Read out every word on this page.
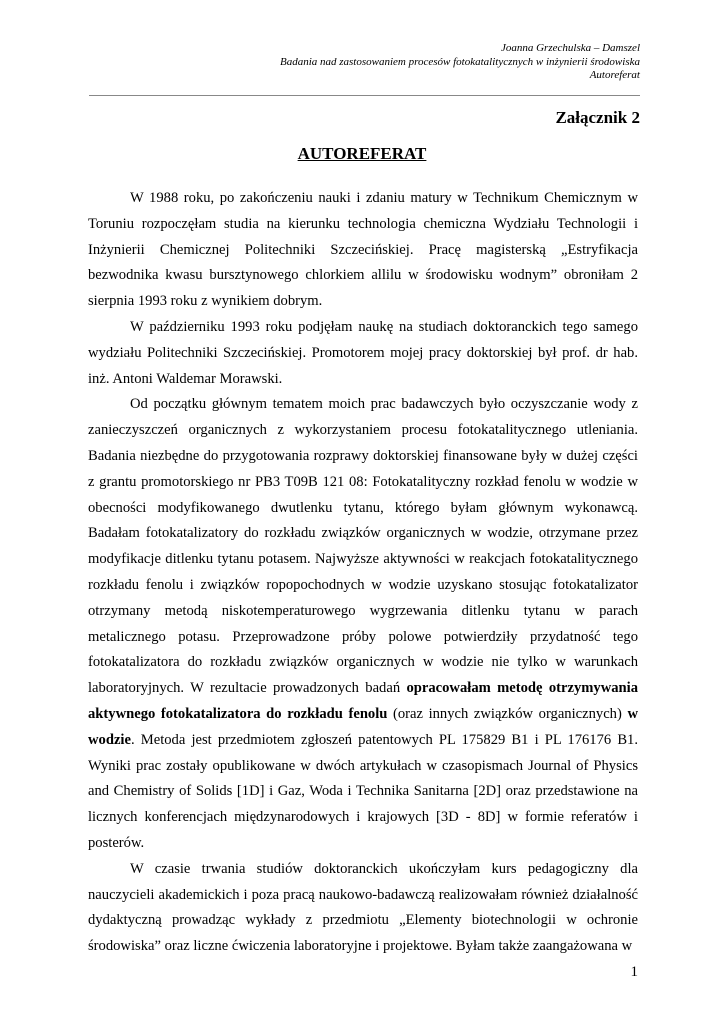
Joanna Grzechulska – Damszel
Badania nad zastosowaniem procesów fotokatalitycznych w inżynierii środowiska
Autoreferat
Załącznik 2
AUTOREFERAT

W 1988 roku, po zakończeniu nauki i zdaniu matury w Technikum Chemicznym w Toruniu rozpoczęłam studia na kierunku technologia chemiczna Wydziału Technologii i Inżynierii Chemicznej Politechniki Szczecińskiej. Pracę magisterską „Estryfikacja bezwodnika kwasu bursztynowego chlorkiem allilu w środowisku wodnym” obroniłam 2 sierpnia 1993 roku z wynikiem dobrym.

W październiku 1993 roku podjęłam naukę na studiach doktoranckich tego samego wydziału Politechniki Szczecińskiej. Promotorem mojej pracy doktorskiej był prof. dr hab. inż. Antoni Waldemar Morawski.

Od początku głównym tematem moich prac badawczych było oczyszczanie wody z zanieczyszczeń organicznych z wykorzystaniem procesu fotokatalitycznego utleniania. Badania niezbędne do przygotowania rozprawy doktorskiej finansowane były w dużej części z grantu promotorskiego nr PB3 T09B 121 08: Fotokatalityczny rozkład fenolu w wodzie w obecności modyfikowanego dwutlenku tytanu, którego byłam głównym wykonawcą. Badałam fotokatalizatory do rozkładu związków organicznych w wodzie, otrzymane przez modyfikacje ditlenku tytanu potasem. Najwyższe aktywności w reakcjach fotokatalitycznego rozkładu fenolu i związków ropopochodnych w wodzie uzyskano stosując fotokatalizator otrzymany metodą niskotemperaturowego wygrzewania ditlenku tytanu w parach metalicznego potasu. Przeprowadzone próby polowe potwierdziły przydatność tego fotokatalizatora do rozkładu związków organicznych w wodzie nie tylko w warunkach laboratoryjnych. W rezultacie prowadzonych badań opracowałam metodę otrzymywania aktywnego fotokatalizatora do rozkładu fenolu (oraz innych związków organicznych) w wodzie. Metoda jest przedmiotem zgłoszeń patentowych PL 175829 B1 i PL 176176 B1. Wyniki prac zostały opublikowane w dwóch artykułach w czasopismach Journal of Physics and Chemistry of Solids [1D] i Gaz, Woda i Technika Sanitarna [2D] oraz przedstawione na licznych konferencjach międzynarodowych i krajowych [3D - 8D] w formie referatów i posterów.

W czasie trwania studiów doktoranckich ukończyłam kurs pedagogiczny dla nauczycieli akademickich i poza pracą naukowo-badawczą realizowałam również działalność dydaktyczną prowadząc wykłady z przedmiotu „Elementy biotechnologii w ochronie środowiska” oraz liczne ćwiczenia laboratoryjne i projektowe. Byłam także zaangażowana w

1
